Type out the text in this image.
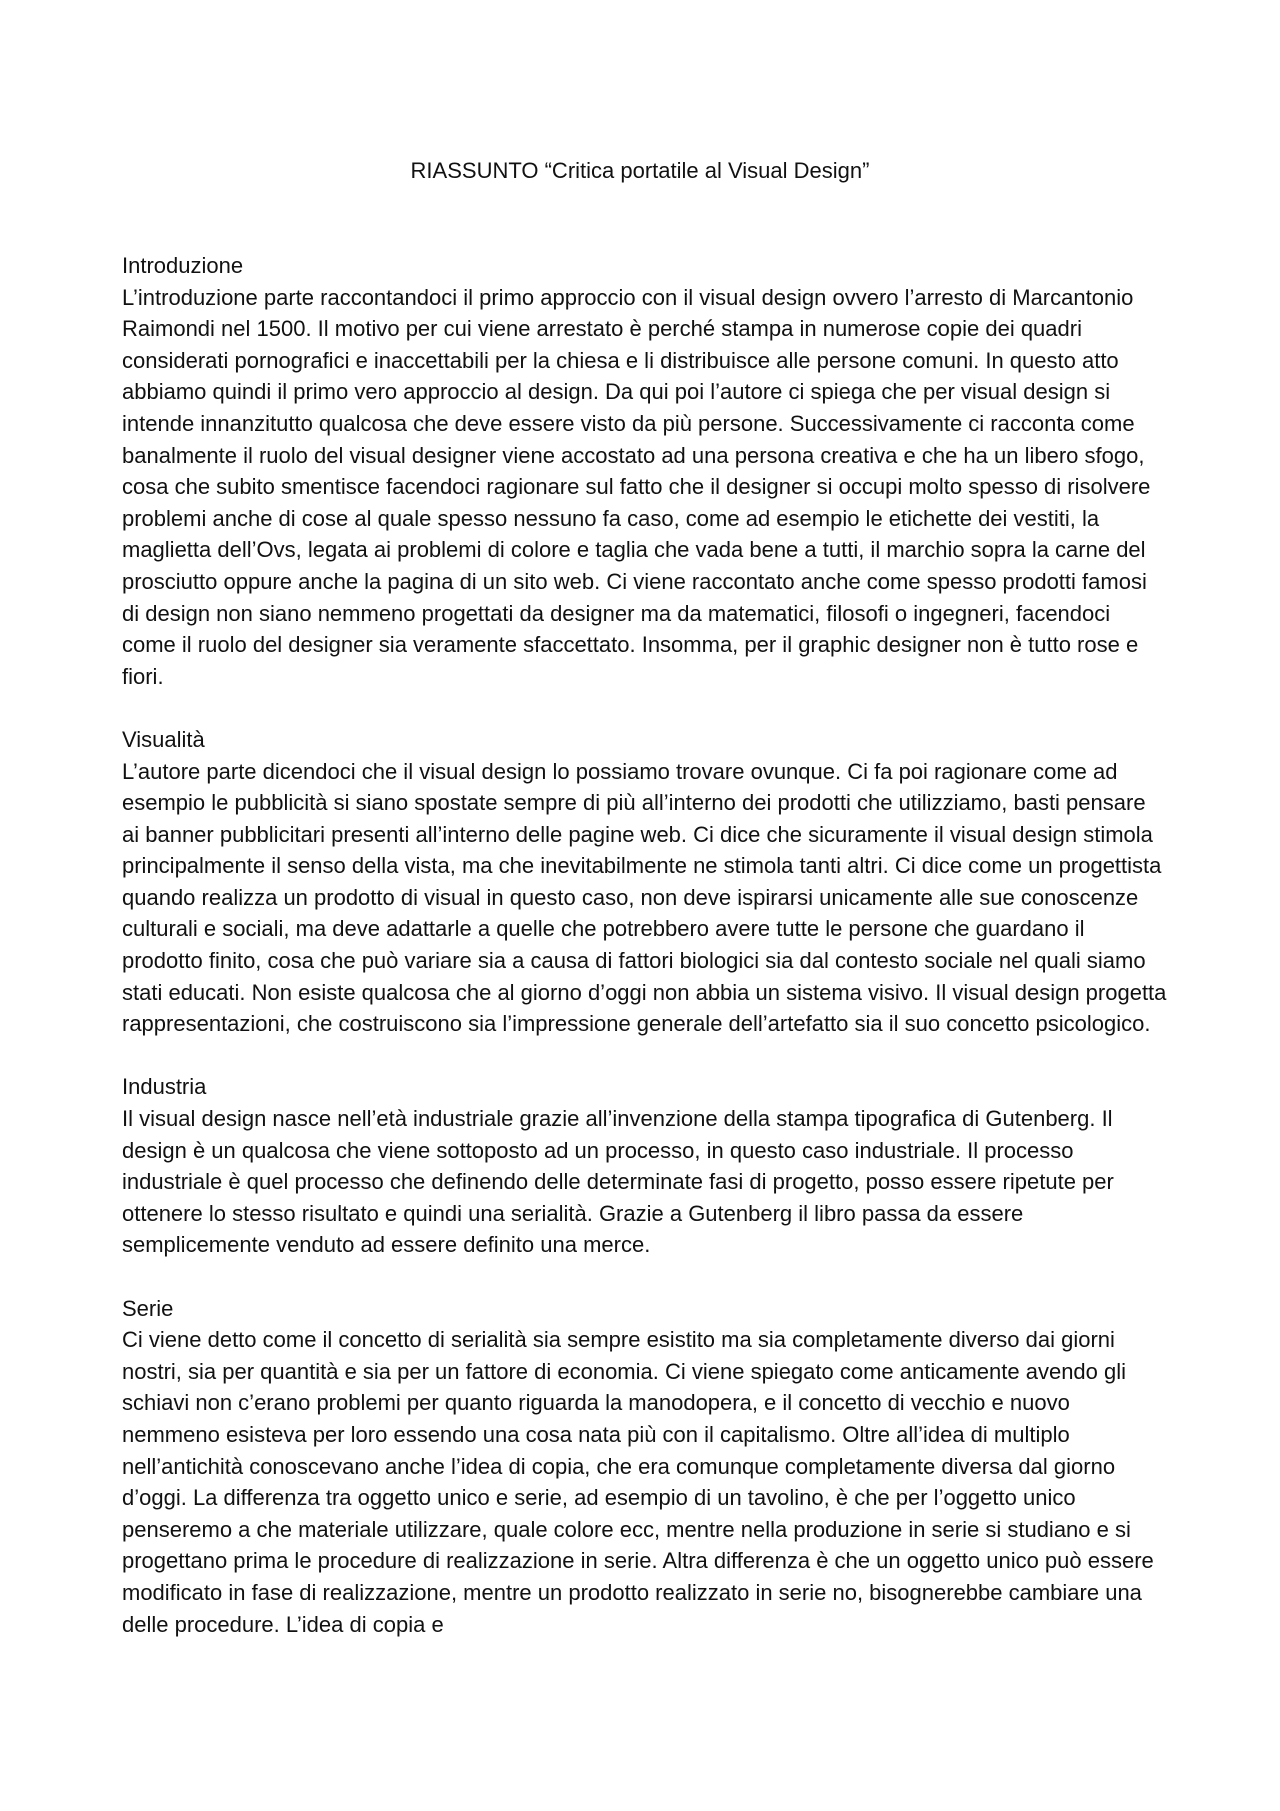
RIASSUNTO “Critica portatile al Visual Design”

Introduzione

L’introduzione parte raccontandoci il primo approccio con il visual design ovvero l’arresto di Marcantonio Raimondi nel 1500. Il motivo per cui viene arrestato è perché stampa in numerose copie dei quadri considerati pornografici e inaccettabili per la chiesa e li distribuisce alle persone comuni. In questo atto abbiamo quindi il primo vero approccio al design. Da qui poi l’autore ci spiega che per visual design si intende innanzitutto qualcosa che deve essere visto da più persone. Successivamente ci racconta come banalmente il ruolo del visual designer viene accostato ad una persona creativa e che ha un libero sfogo, cosa che subito smentisce facendoci ragionare sul fatto che il designer si occupi molto spesso di risolvere problemi anche di cose al quale spesso nessuno fa caso, come ad esempio le etichette dei vestiti, la maglietta dell’Ovs, legata ai problemi di colore e taglia che vada bene a tutti, il marchio sopra la carne del prosciutto oppure anche la pagina di un sito web. Ci viene raccontato anche come spesso prodotti famosi di design non siano nemmeno progettati da designer ma da matematici, filosofi o ingegneri, facendoci come il ruolo del designer sia veramente sfaccettato. Insomma, per il graphic designer non è tutto rose e fiori.

Visualità

L’autore parte dicendoci che il visual design lo possiamo trovare ovunque. Ci fa poi ragionare come ad esempio le pubblicità si siano spostate sempre di più all’interno dei prodotti che utilizziamo, basti pensare ai banner pubblicitari presenti all’interno delle pagine web. Ci dice che sicuramente il visual design stimola principalmente il senso della vista, ma che inevitabilmente ne stimola tanti altri. Ci dice come un progettista quando realizza un prodotto di visual in questo caso, non deve ispirarsi unicamente alle sue conoscenze culturali e sociali, ma deve adattarle a quelle che potrebbero avere tutte le persone che guardano il prodotto finito, cosa che può variare sia a causa di fattori biologici sia dal contesto sociale nel quali siamo stati educati. Non esiste qualcosa che al giorno d’oggi non abbia un sistema visivo. Il visual design progetta rappresentazioni, che costruiscono sia l’impressione generale dell’artefatto sia il suo concetto psicologico.

Industria

Il visual design nasce nell’età industriale grazie all’invenzione della stampa tipografica di Gutenberg. Il design è un qualcosa che viene sottoposto ad un processo, in questo caso industriale. Il processo industriale è quel processo che definendo delle determinate fasi di progetto, posso essere ripetute per ottenere lo stesso risultato e quindi una serialità. Grazie a Gutenberg il libro passa da essere semplicemente venduto ad essere definito una merce.

Serie

Ci viene detto come il concetto di serialità sia sempre esistito ma sia completamente diverso dai giorni nostri, sia per quantità e sia per un fattore di economia. Ci viene spiegato come anticamente avendo gli schiavi non c’erano problemi per quanto riguarda la manodopera, e il concetto di vecchio e nuovo nemmeno esisteva per loro essendo una cosa nata più con il capitalismo. Oltre all’idea di multiplo nell’antichità conoscevano anche l’idea di copia, che era comunque completamente diversa dal giorno d’oggi. La differenza tra oggetto unico e serie, ad esempio di un tavolino, è che per l’oggetto unico penseremo a che materiale utilizzare, quale colore ecc, mentre nella produzione in serie si studiano e si progettano prima le procedure di realizzazione in serie. Altra differenza è che un oggetto unico può essere modificato in fase di realizzazione, mentre un prodotto realizzato in serie no, bisognerebbe cambiare una delle procedure. L’idea di copia e
